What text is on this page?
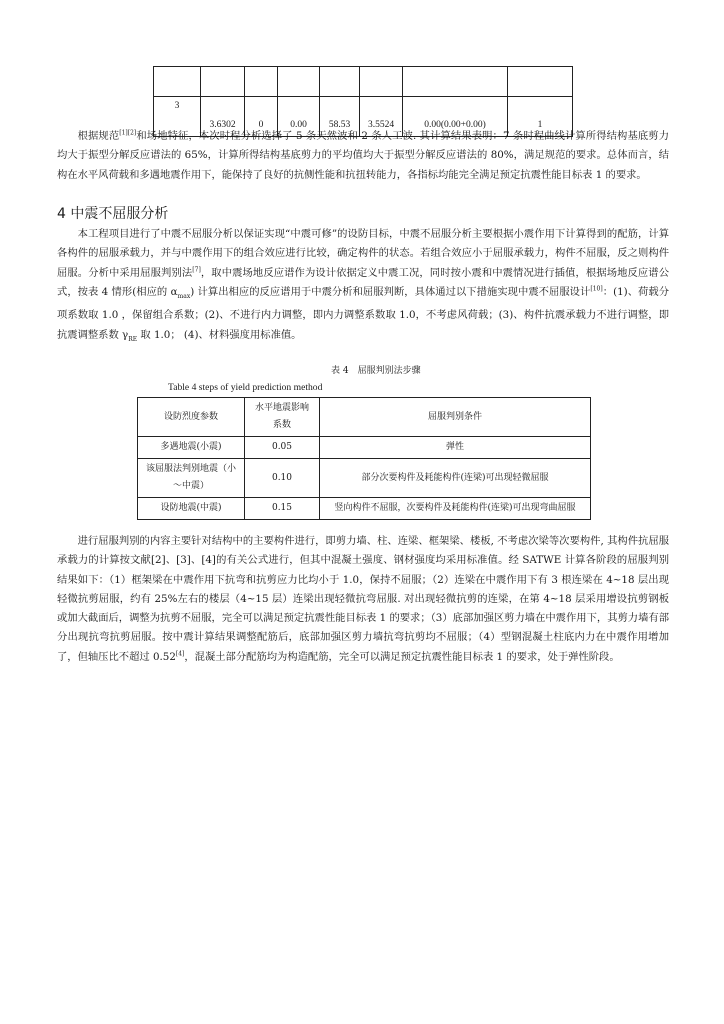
3	3.6302	0	0.00	58.53	3.5524	0.00(0.00+0.00)	1

根据规范[1][2]和场地特征，本次时程分析选择了 5 条天然波和 2 条人工波. 其计算结果表明：7 条时程曲线计算所得结构基底剪力均大于振型分解反应谱法的 65%，计算所得结构基底剪力的平均值均大于振型分解反应谱法的 80%，满足规范的要求。总体而言，结构在水平风荷载和多遇地震作用下，能保持了良好的抗侧性能和抗扭转能力，各指标均能完全满足预定抗震性能目标表 1 的要求。

4 中震不屈服分析

本工程项目进行了中震不屈服分析以保证实现“中震可修”的设防目标，中震不屈服分析主要根据小震作用下计算得到的配筋，计算各构件的屈服承载力，并与中震作用下的组合效应进行比较，确定构件的状态。若组合效应小于屈服承载力，构件不屈服，反之则构件屈服。分析中采用屈服判别法[7]，取中震场地反应谱作为设计依据定义中震工况，同时按小震和中震情况进行插值，根据场地反应谱公式，按表 4 情形(相应的 $\alpha_{max}$) 计算出相应的反应谱用于中震分析和屈服判断，具体通过以下措施实现中震不屈服设计[10]：(1)、荷载分项系数取 1.0 ，保留组合系数；(2)、不进行内力调整，即内力调整系数取 1.0，不考虑风荷载；(3)、构件抗震承载力不进行调整，即抗震调整系数 $\gamma_{RE}$ 取 1.0； (4)、材料强度用标准值。

表 4　屈服判别法步骤
Table 4 steps of yield prediction method
设防烈度参数	水平地震影响系数	屈服判别条件
多遇地震(小震)	0.05	弹性
该屈服法判别地震（小～中震）	0.10	部分次要构件及耗能构件(连梁)可出现轻微屈服
设防地震(中震)	0.15	竖向构件不屈服，次要构件及耗能构件(连梁)可出现弯曲屈服

进行屈服判别的内容主要针对结构中的主要构件进行，即剪力墙、柱、连梁、框架梁、楼板, 不考虑次梁等次要构件, 其构件抗屈服承载力的计算按文献[2]、[3]、[4]的有关公式进行，但其中混凝土强度、钢材强度均采用标准值。经 SATWE 计算各阶段的屈服判别结果如下：（1）框架梁在中震作用下抗弯和抗剪应力比均小于 1.0，保持不屈服；（2）连梁在中震作用下有 3 根连梁在 4~18 层出现轻微抗剪屈服，约有 25%左右的楼层（4~15 层）连梁出现轻微抗弯屈服. 对出现轻微抗剪的连梁，在第 4~18 层采用增设抗剪钢板或加大截面后，调整为抗剪不屈服，完全可以满足预定抗震性能目标表 1 的要求；（3）底部加强区剪力墙在中震作用下，其剪力墙有部分出现抗弯抗剪屈服。按中震计算结果调整配筋后，底部加强区剪力墙抗弯抗剪均不屈服；（4）型钢混凝土柱底内力在中震作用增加了，但轴压比不超过 0.52[4]，混凝土部分配筋均为构造配筋，完全可以满足预定抗震性能目标表 1 的要求，处于弹性阶段。
